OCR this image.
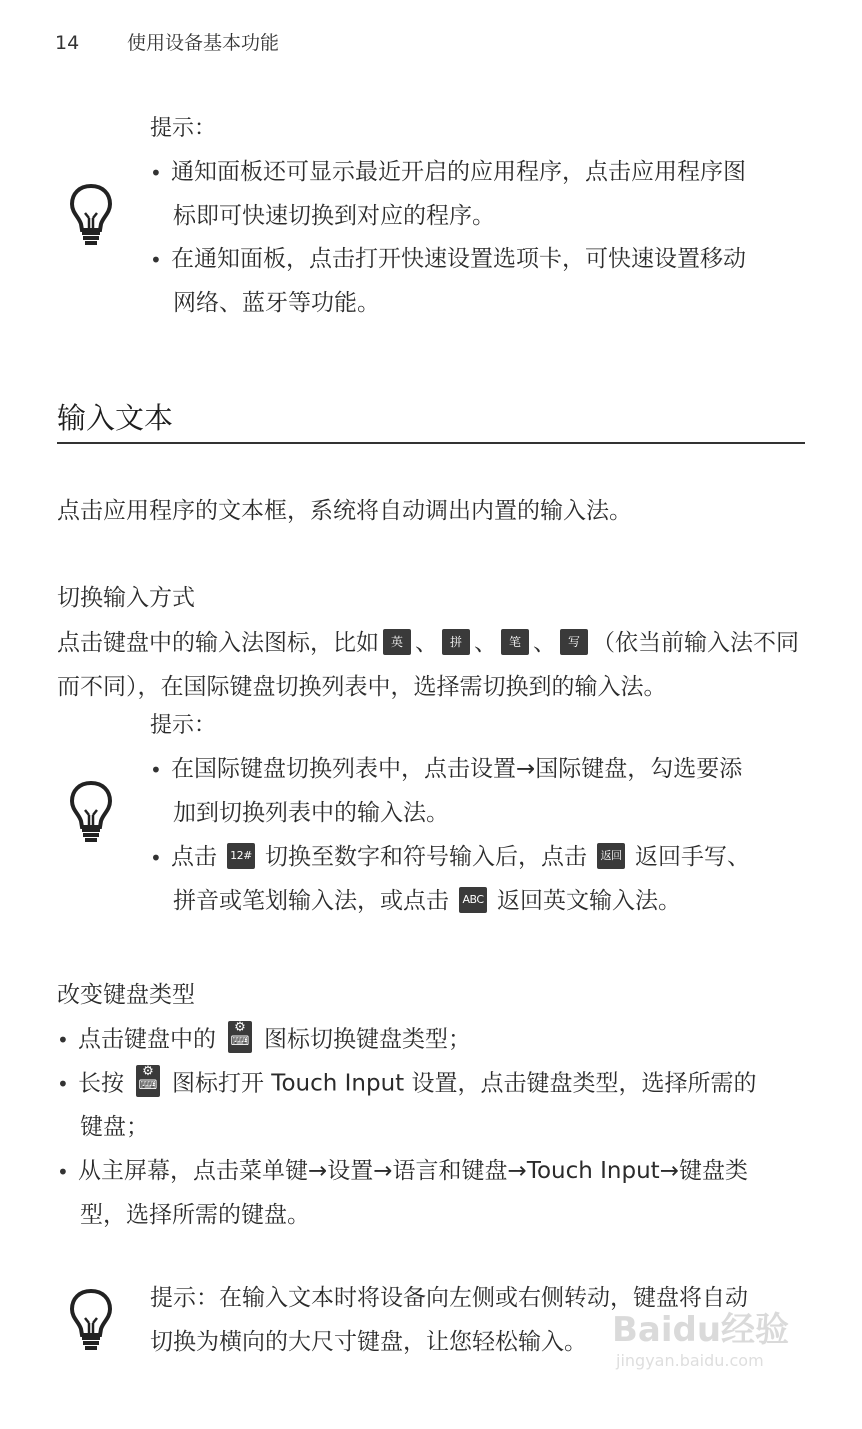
14	使用设备基本功能
提示：
• 通知面板还可显示最近开启的应用程序，点击应用程序图
标即可快速切换到对应的程序。
• 在通知面板，点击打开快速设置选项卡，可快速设置移动
网络、蓝牙等功能。
输入文本
点击应用程序的文本框，系统将自动调出内置的输入法。
切换输入方式
点击键盘中的输入法图标，比如 英 、 拼 、 笔 、 写 （依当前输入法不同
而不同），在国际键盘切换列表中，选择需切换到的输入法。
提示：
• 在国际键盘切换列表中，点击设置→国际键盘，勾选要添
加到切换列表中的输入法。
• 点击 12# 切换至数字和符号输入后，点击 返回 返回手写、
拼音或笔划输入法，或点击 ABC 返回英文输入法。
改变键盘类型
• 点击键盘中的	⚙
⌨ 图标切换键盘类型；
• 长按	⚙
⌨ 图标打开 Touch Input 设置，点击键盘类型，选择所需的
键盘；
• 从主屏幕，点击菜单键→设置→语言和键盘→Touch Input→键盘类
型，选择所需的键盘。
提示：在输入文本时将设备向左侧或右侧转动，键盘将自动
切换为横向的大尺寸键盘，让您轻松输入。 Baidu经验
jingyan.baidu.com
